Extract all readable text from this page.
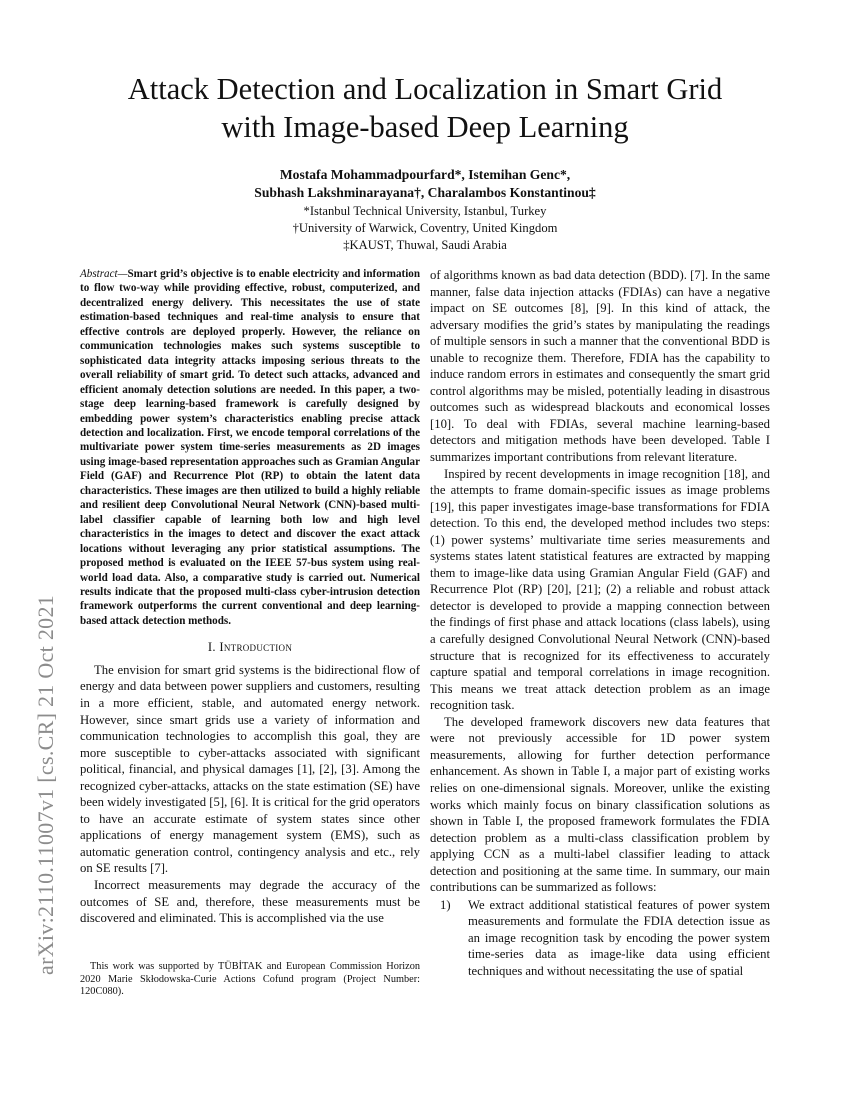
Attack Detection and Localization in Smart Grid
with Image-based Deep Learning
Mostafa Mohammadpourfard*, Istemihan Genc*,
Subhash Lakshminarayana†, Charalambos Konstantinou‡
*Istanbul Technical University, Istanbul, Turkey
†University of Warwick, Coventry, United Kingdom
‡KAUST, Thuwal, Saudi Arabia
arXiv:2110.11007v1 [cs.CR] 21 Oct 2021

Abstract—Smart grid’s objective is to enable electricity and information to flow two-way while providing effective, robust, computerized, and decentralized energy delivery. This necessitates the use of state estimation-based techniques and real-time analysis to ensure that effective controls are deployed properly. However, the reliance on communication technologies makes such systems susceptible to sophisticated data integrity attacks imposing serious threats to the overall reliability of smart grid. To detect such attacks, advanced and efficient anomaly detection solutions are needed. In this paper, a two-stage deep learning-based framework is carefully designed by embedding power system’s characteristics enabling precise attack detection and localization. First, we encode temporal correlations of the multivariate power system time-series measurements as 2D images using image-based representation approaches such as Gramian Angular Field (GAF) and Recurrence Plot (RP) to obtain the latent data characteristics. These images are then utilized to build a highly reliable and resilient deep Convolutional Neural Network (CNN)-based multi-label classifier capable of learning both low and high level characteristics in the images to detect and discover the exact attack locations without leveraging any prior statistical assumptions. The proposed method is evaluated on the IEEE 57-bus system using real-world load data. Also, a comparative study is carried out. Numerical results indicate that the proposed multi-class cyber-intrusion detection framework outperforms the current conventional and deep learning-based attack detection methods.

I. Introduction

The envision for smart grid systems is the bidirectional flow of energy and data between power suppliers and customers, resulting in a more efficient, stable, and automated energy network. However, since smart grids use a variety of information and communication technologies to accomplish this goal, they are more susceptible to cyber-attacks associated with significant political, financial, and physical damages [1], [2], [3]. Among the recognized cyber-attacks, attacks on the state estimation (SE) have been widely investigated [5], [6]. It is critical for the grid operators to have an accurate estimate of system states since other applications of energy management system (EMS), such as automatic generation control, contingency analysis and etc., rely on SE results [7].

Incorrect measurements may degrade the accuracy of the outcomes of SE and, therefore, these measurements must be discovered and eliminated. This is accomplished via the use

This work was supported by TÜBİTAK and European Commission Horizon 2020 Marie Skłodowska-Curie Actions Cofund program (Project Number: 120C080).

of algorithms known as bad data detection (BDD). [7]. In the same manner, false data injection attacks (FDIAs) can have a negative impact on SE outcomes [8], [9]. In this kind of attack, the adversary modifies the grid’s states by manipulating the readings of multiple sensors in such a manner that the conventional BDD is unable to recognize them. Therefore, FDIA has the capability to induce random errors in estimates and consequently the smart grid control algorithms may be misled, potentially leading in disastrous outcomes such as widespread blackouts and economical losses [10]. To deal with FDIAs, several machine learning-based detectors and mitigation methods have been developed. Table I summarizes important contributions from relevant literature.

Inspired by recent developments in image recognition [18], and the attempts to frame domain-specific issues as image problems [19], this paper investigates image-base transformations for FDIA detection. To this end, the developed method includes two steps: (1) power systems’ multivariate time series measurements and systems states latent statistical features are extracted by mapping them to image-like data using Gramian Angular Field (GAF) and Recurrence Plot (RP) [20], [21]; (2) a reliable and robust attack detector is developed to provide a mapping connection between the findings of first phase and attack locations (class labels), using a carefully designed Convolutional Neural Network (CNN)-based structure that is recognized for its effectiveness to accurately capture spatial and temporal correlations in image recognition. This means we treat attack detection problem as an image recognition task.

The developed framework discovers new data features that were not previously accessible for 1D power system measurements, allowing for further detection performance enhancement. As shown in Table I, a major part of existing works relies on one-dimensional signals. Moreover, unlike the existing works which mainly focus on binary classification solutions as shown in Table I, the proposed framework formulates the FDIA detection problem as a multi-class classification problem by applying CCN as a multi-label classifier leading to attack detection and positioning at the same time. In summary, our main contributions can be summarized as follows:

1)	We extract additional statistical features of power system measurements and formulate the FDIA detection issue as an image recognition task by encoding the power system time-series data as image-like data using efficient techniques and without necessitating the use of spatial
